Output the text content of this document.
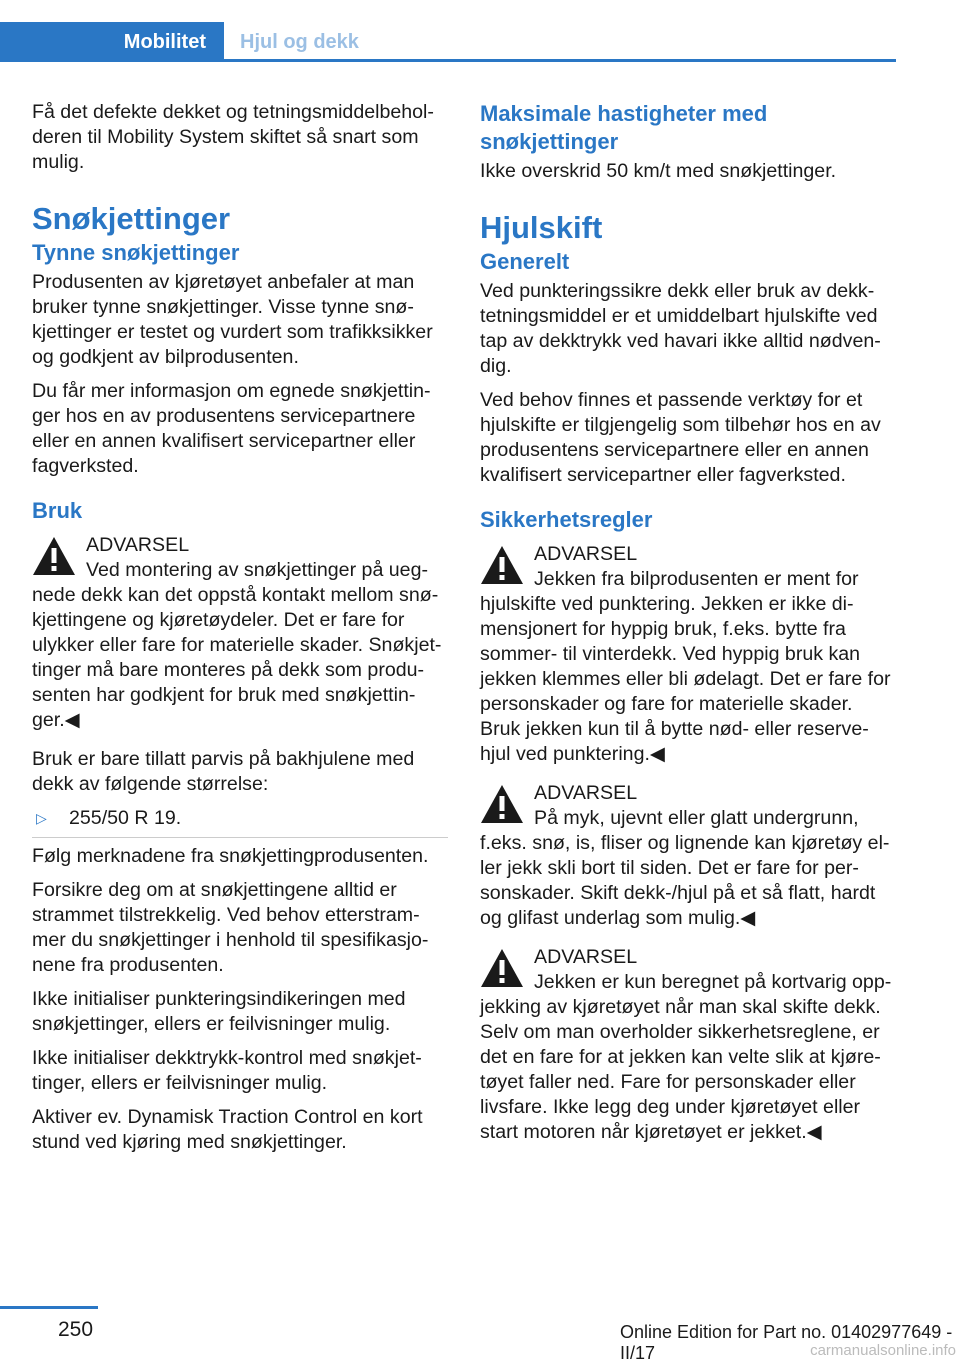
Mobilitet	Hjul og dekk

Få det defekte dekket og tetningsmiddelbehol-deren til Mobility System skiftet så snart som mulig.

Snøkjettinger
Tynne snøkjettinger

Produsenten av kjøretøyet anbefaler at man bruker tynne snøkjettinger. Visse tynne snø-kjettinger er testet og vurdert som trafikksikker og godkjent av bilprodusenten.

Du får mer informasjon om egnede snøkjettin-ger hos en av produsentens servicepartnere eller en annen kvalifisert servicepartner eller fagverksted.

Bruk
ADVARSEL
Ved montering av snøkjettinger på ueg-nede dekk kan det oppstå kontakt mellom snø-kjettingene og kjøretøydeler. Det er fare for ulykker eller fare for materielle skader. Snøkjet-tinger må bare monteres på dekk som produ-senten har godkjent for bruk med snøkjettin-ger.◀

Bruk er bare tillatt parvis på bakhjulene med dekk av følgende størrelse:

▷	255/50 R 19.

Følg merknadene fra snøkjettingprodusenten.

Forsikre deg om at snøkjettingene alltid er strammet tilstrekkelig. Ved behov etterstram-mer du snøkjettinger i henhold til spesifikasjo-nene fra produsenten.

Ikke initialiser punkteringsindikeringen med snøkjettinger, ellers er feilvisninger mulig.

Ikke initialiser dekktrykk-kontrol med snøkjet-tinger, ellers er feilvisninger mulig.

Aktiver ev. Dynamisk Traction Control en kort stund ved kjøring med snøkjettinger.

Maksimale hastigheter med snøkjettinger

Ikke overskrid 50 km/t med snøkjettinger.

Hjulskift
Generelt

Ved punkteringssikre dekk eller bruk av dekk-tetningsmiddel er et umiddelbart hjulskifte ved tap av dekktrykk ved havari ikke alltid nødven-dig.

Ved behov finnes et passende verktøy for et hjulskifte er tilgjengelig som tilbehør hos en av produsentens servicepartnere eller en annen kvalifisert servicepartner eller fagverksted.

Sikkerhetsregler
ADVARSEL
Jekken fra bilprodusenten er ment for hjulskifte ved punktering. Jekken er ikke di-mensjonert for hyppig bruk, f.eks. bytte fra sommer- til vinterdekk. Ved hyppig bruk kan jekken klemmes eller bli ødelagt. Det er fare for personskader og fare for materielle skader. Bruk jekken kun til å bytte nød- eller reserve-hjul ved punktering.◀
ADVARSEL
På myk, ujevnt eller glatt undergrunn, f.eks. snø, is, fliser og lignende kan kjøretøy el-ler jekk skli bort til siden. Det er fare for per-sonskader. Skift dekk-/hjul på et så flatt, hardt og glifast underlag som mulig.◀
ADVARSEL
Jekken er kun beregnet på kortvarig opp-jekking av kjøretøyet når man skal skifte dekk. Selv om man overholder sikkerhetsreglene, er det en fare for at jekken kan velte slik at kjøre-tøyet faller ned. Fare for personskader eller livsfare. Ikke legg deg under kjøretøyet eller start motoren når kjøretøyet er jekket.◀
250	Online Edition for Part no. 01402977649 - II/17	carmanualsonline.info
